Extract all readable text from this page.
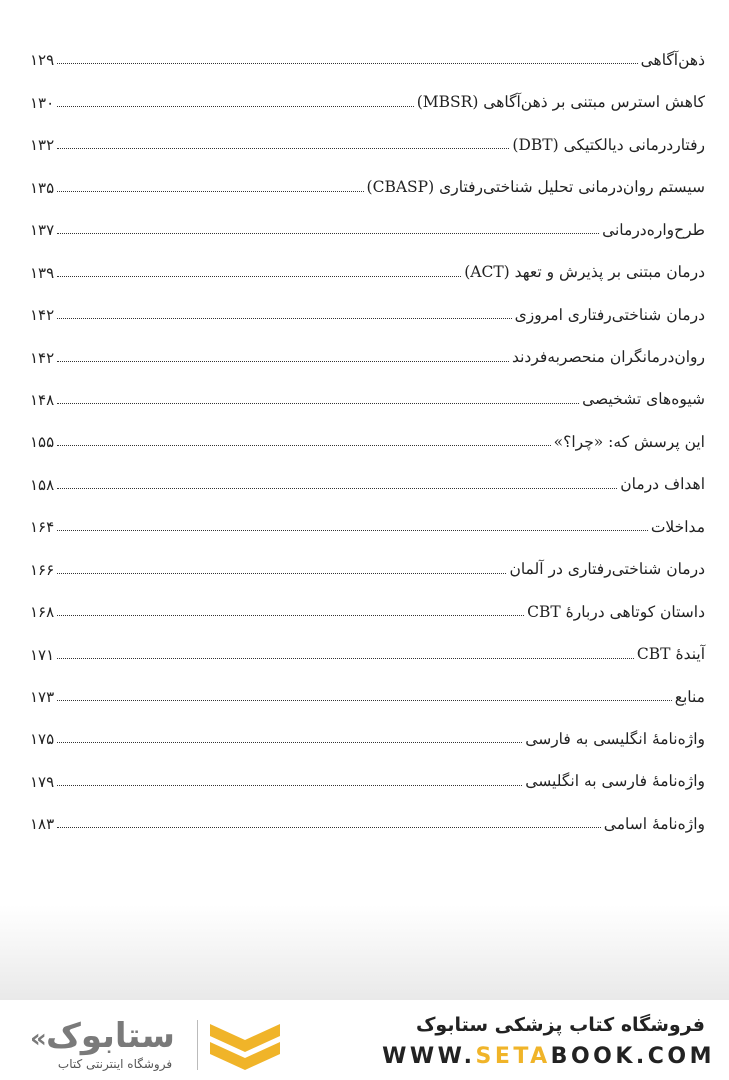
ذهن‌آگاهی
۱۲۹
کاهش استرس مبتنی بر ذهن‌آگاهی (MBSR)
۱۳۰
رفتاردرمانی دیالکتیکی (DBT)
۱۳۲
سیستم روان‌درمانی تحلیل شناختی‌رفتاری (CBASP)
۱۳۵
طرح‌واره‌درمانی
۱۳۷
درمان مبتنی بر پذیرش و تعهد (ACT)
۱۳۹
درمان شناختی‌رفتاری امروزی
۱۴۲
روان‌درمانگران منحصربه‌فردند
۱۴۲
شیوه‌های تشخیصی
۱۴۸
این پرسش که: «چرا؟»
۱۵۵
اهداف درمان
۱۵۸
مداخلات
۱۶۴
درمان شناختی‌رفتاری در آلمان
۱۶۶
داستان کوتاهی دربارۀ CBT
۱۶۸
آیندۀ CBT
۱۷۱
منابع
۱۷۳
واژه‌نامۀ انگلیسی به فارسی
۱۷۵
واژه‌نامۀ فارسی به انگلیسی
۱۷۹
واژه‌نامۀ اسامی
۱۸۳
« ستابوک
فروشگاه اینترنتی کتاب
فروشگاه کتاب پزشکی ستابوک
WWW.SETABOOK.COM
